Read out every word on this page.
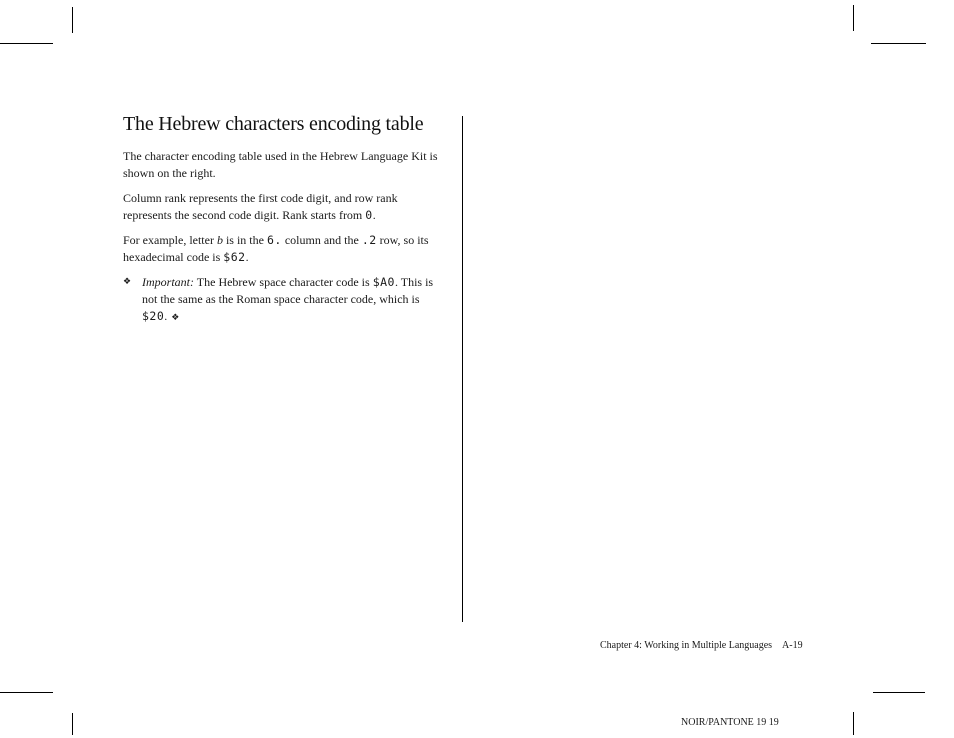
The Hebrew characters encoding table

The character encoding table used in the Hebrew Language Kit is shown on the right.

Column rank represents the first code digit, and row rank represents the second code digit. Rank starts from 0.

For example, letter b is in the 6. column and the .2 row, so its hexadecimal code is $62.

❖ Important: The Hebrew space character code is $A0. This is not the same as the Roman space character code, which is $20. ❖

Chapter 4: Working in Multiple Languages A-19
NOIR/PANTONE 19 19
